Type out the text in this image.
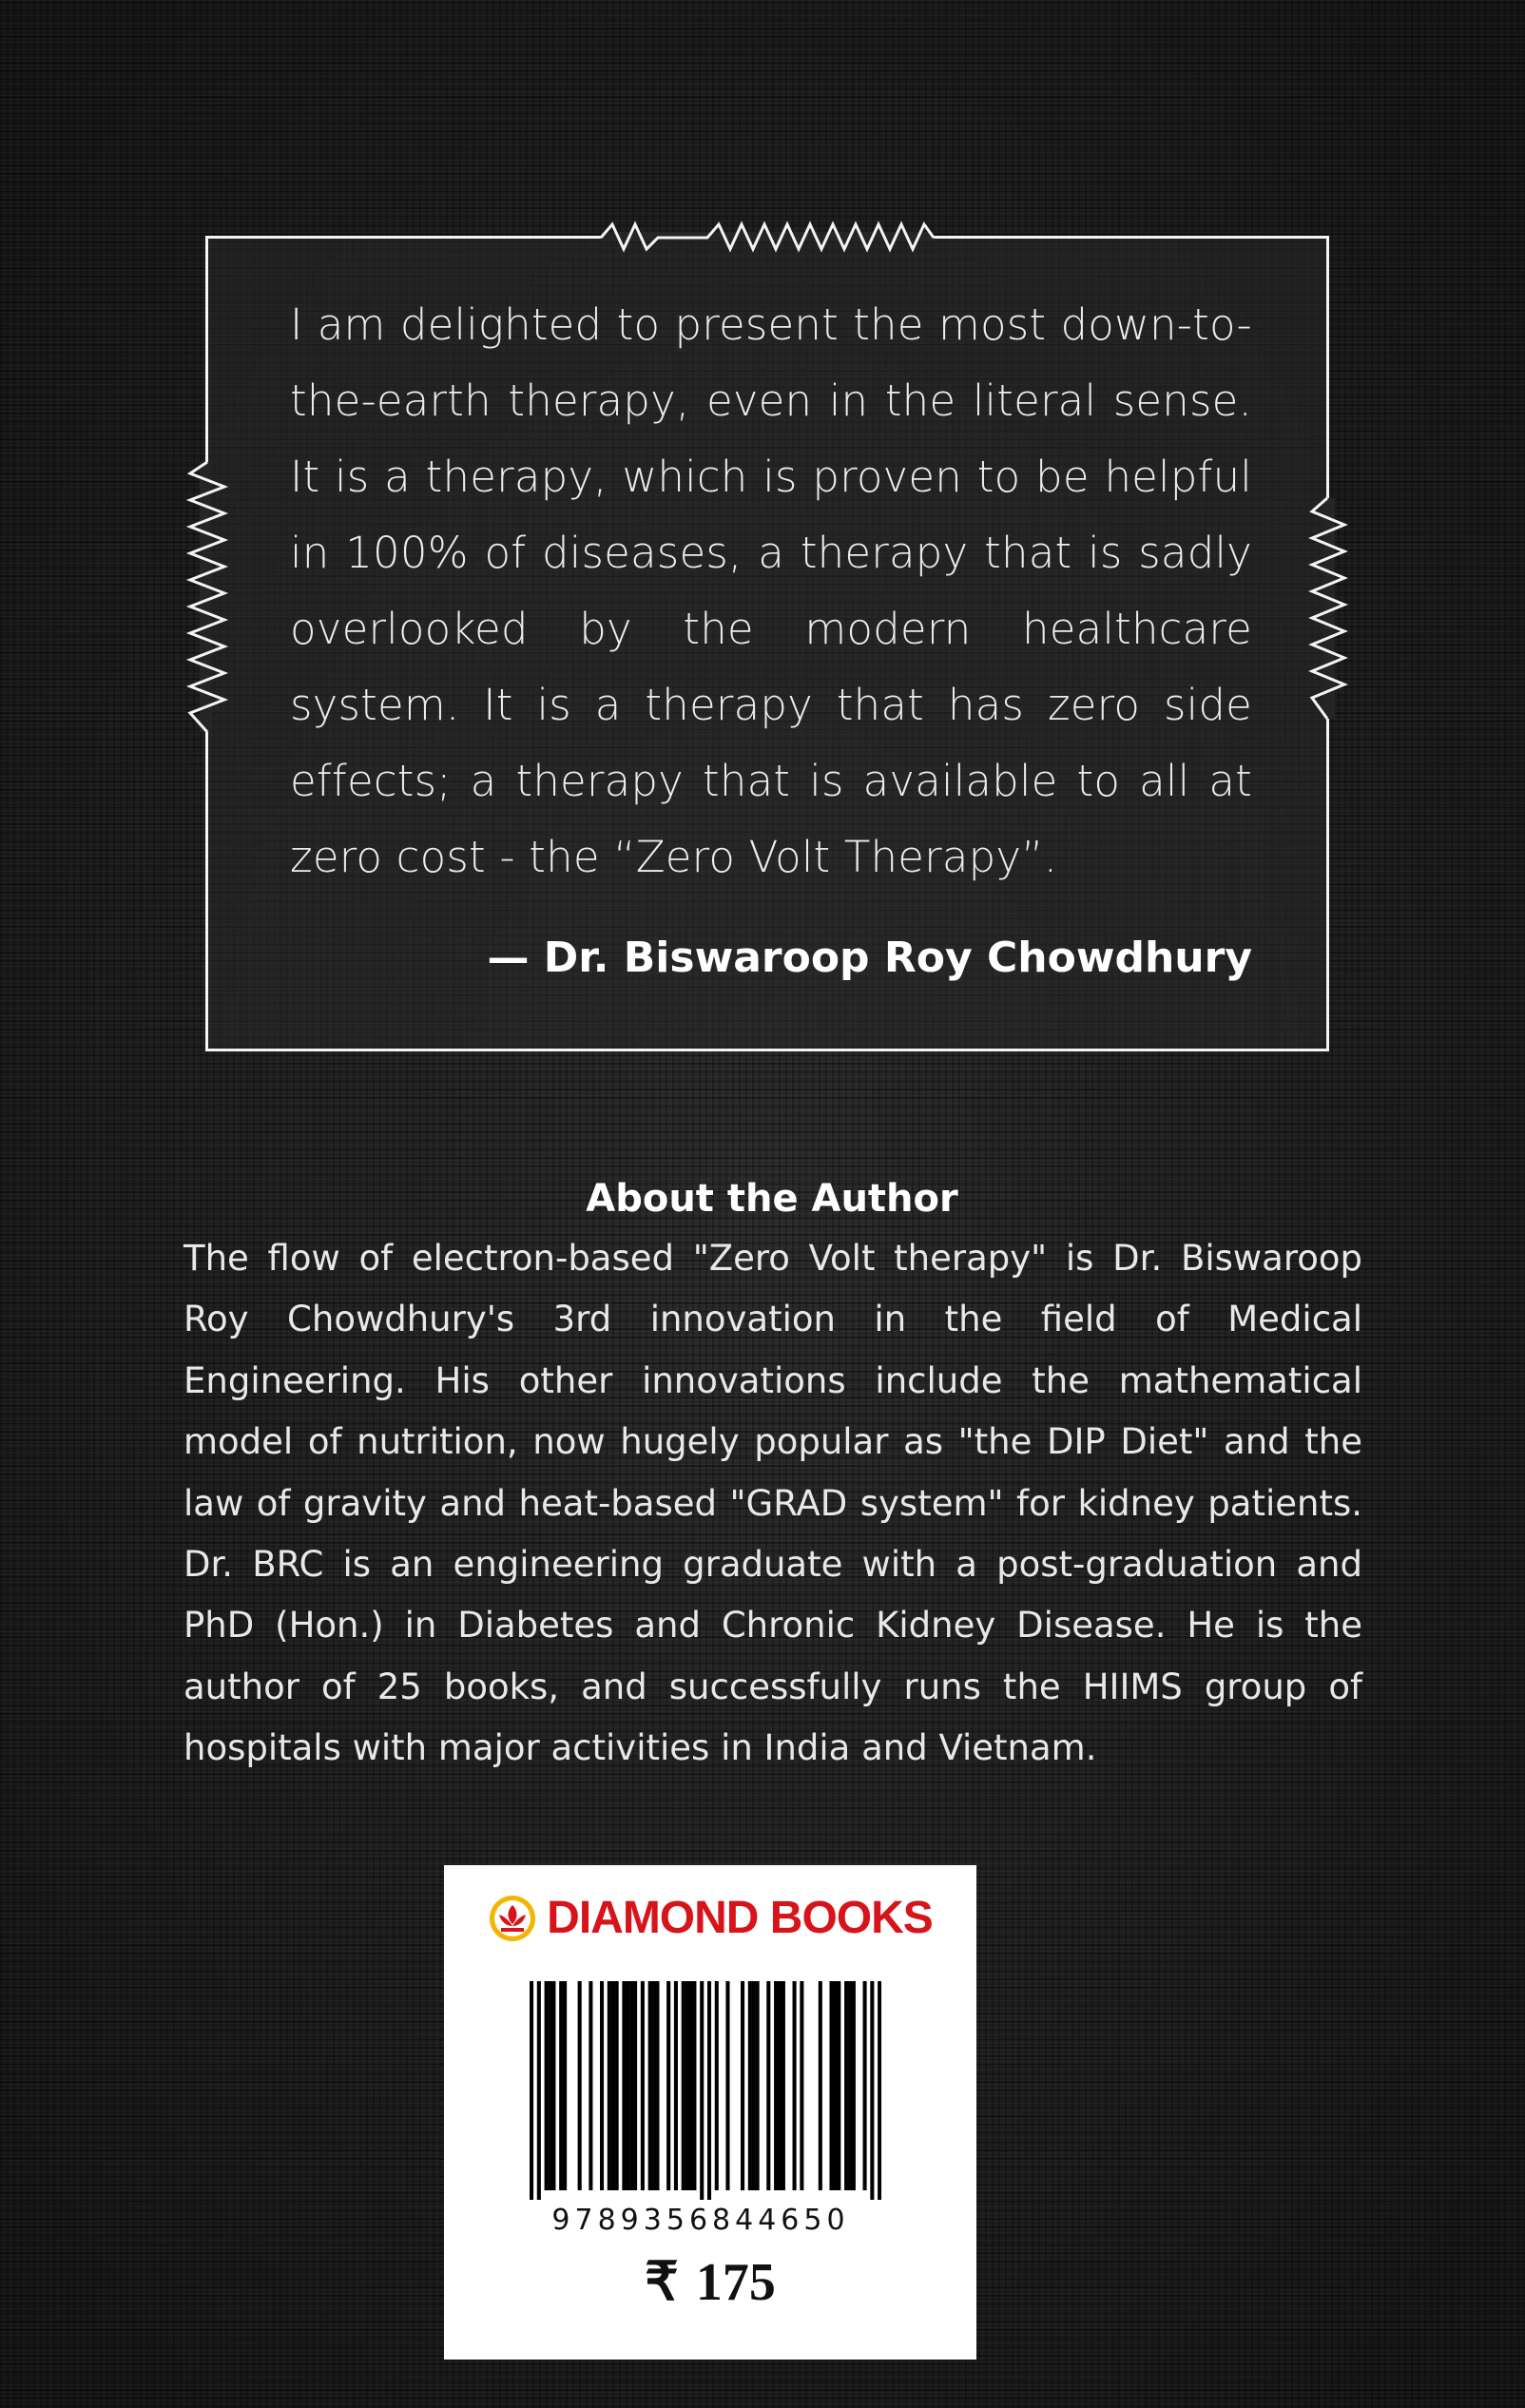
I am delighted to present the most down-to-the-earth therapy, even in the literal sense. It is a therapy, which is proven to be helpful in 100% of diseases, a therapy that is sadly overlooked by the modern healthcare system. It is a therapy that has zero side effects; a therapy that is available to all at zero cost - the “Zero Volt Therapy”.

— Dr. Biswaroop Roy Chowdhury

About the Author

The flow of electron-based "Zero Volt therapy" is Dr. Biswaroop Roy Chowdhury's 3rd innovation in the field of Medical Engineering. His other innovations include the mathematical model of nutrition, now hugely popular as "the DIP Diet" and the law of gravity and heat-based "GRAD system" for kidney patients. Dr. BRC is an engineering graduate with a post-graduation and PhD (Hon.) in Diabetes and Chronic Kidney Disease. He is the author of 25 books, and successfully runs the HIIMS group of hospitals with major activities in India and Vietnam.

DIAMOND BOOKS
9789356844650
₹ 175
